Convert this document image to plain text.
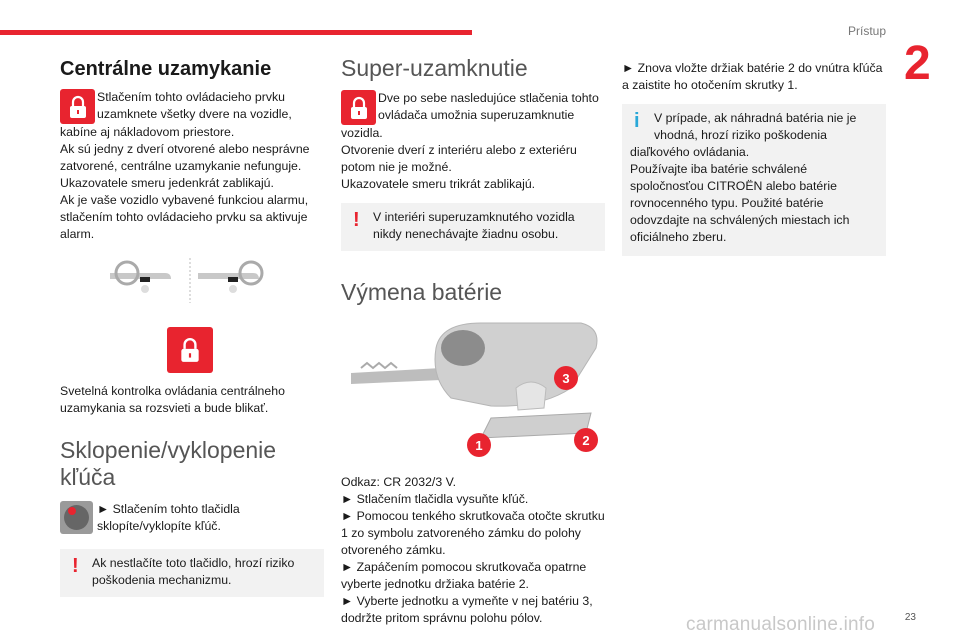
Prístup
2
23
carmanualsonline.info
Centrálne uzamykanie

Stlačením tohto ovládacieho prvku

uzamknete všetky dvere na vozidle,

kabíne aj nákladovom priestore.

Ak sú jedny z dverí otvorené alebo nesprávne zatvorené, centrálne uzamykanie nefunguje.

Ukazovatele smeru jedenkrát zablikajú.

Ak je vaše vozidlo vybavené funkciou alarmu, stlačením tohto ovládacieho prvku sa aktivuje alarm.

Svetelná kontrolka ovládania centrálneho uzamykania sa rozsvieti a bude blikať.

Sklopenie/vyklopenie
kľúča

► Stlačením tohto tlačidla sklopíte/vyklopíte kľúč.

! Ak nestlačíte toto tlačidlo, hrozí riziko poškodenia mechanizmu.

Super-uzamknutie

Dve po sebe nasledujúce stlačenia tohto

ovládača umožnia superuzamknutie

vozidla.

Otvorenie dverí z interiéru alebo z exteriéru potom nie je možné.

Ukazovatele smeru trikrát zablikajú.

! V interiéri superuzamknutého vozidla nikdy nenechávajte žiadnu osobu.

Výmena batérie
3
2
1

Odkaz: CR 2032/3 V.

► Stlačením tlačidla vysuňte kľúč.

► Pomocou tenkého skrutkovača otočte skrutku 1 zo symbolu zatvoreného zámku do polohy otvoreného zámku.

► Zapáčením pomocou skrutkovača opatrne vyberte jednotku držiaka batérie 2.

► Vyberte jednotku a vymeňte v nej batériu 3, dodržte pritom správnu polohu pólov.

► Znova vložte držiak batérie 2 do vnútra kľúča a zaistite ho otočením skrutky 1.

i V prípade, ak náhradná batéria nie je

vhodná, hrozí riziko poškodenia

diaľkového ovládania.

Používajte iba batérie schválené spoločnosťou CITROËN alebo batérie rovnocenného typu. Použité batérie odovzdajte na schválených miestach ich oficiálneho zberu.
